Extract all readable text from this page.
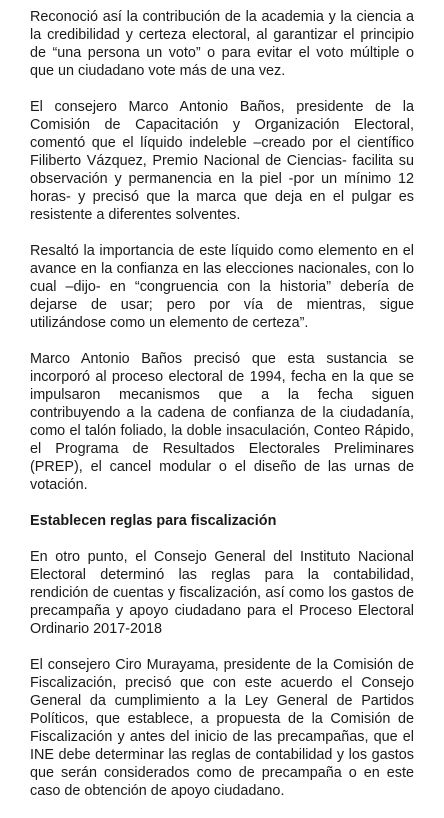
Reconoció así la contribución de la academia y la ciencia a la credibilidad y certeza electoral, al garantizar el principio de “una persona un voto” o para evitar el voto múltiple o que un ciudadano vote más de una vez.

El consejero Marco Antonio Baños, presidente de la Comisión de Capacitación y Organización Electoral, comentó que el líquido indeleble –creado por el científico Filiberto Vázquez, Premio Nacional de Ciencias- facilita su observación y permanencia en la piel -por un mínimo 12 horas- y precisó que la marca que deja en el pulgar es resistente a diferentes solventes.

Resaltó la importancia de este líquido como elemento en el avance en la confianza en las elecciones nacionales, con lo cual –dijo- en “congruencia con la historia” debería de dejarse de usar; pero por vía de mientras, sigue utilizándose como un elemento de certeza”.

Marco Antonio Baños precisó que esta sustancia se incorporó al proceso electoral de 1994, fecha en la que se impulsaron mecanismos que a la fecha siguen contribuyendo a la cadena de confianza de la ciudadanía, como el talón foliado, la doble insaculación, Conteo Rápido, el Programa de Resultados Electorales Preliminares (PREP), el cancel modular o el diseño de las urnas de votación.

Establecen reglas para fiscalización

En otro punto, el Consejo General del Instituto Nacional Electoral determinó las reglas para la contabilidad, rendición de cuentas y fiscalización, así como los gastos de precampaña y apoyo ciudadano para el Proceso Electoral Ordinario 2017-2018

El consejero Ciro Murayama, presidente de la Comisión de Fiscalización, precisó que con este acuerdo el Consejo General da cumplimiento a la Ley General de Partidos Políticos, que establece, a propuesta de la Comisión de Fiscalización y antes del inicio de las precampañas, que el INE debe determinar las reglas de contabilidad y los gastos que serán considerados como de precampaña o en este caso de obtención de apoyo ciudadano.
